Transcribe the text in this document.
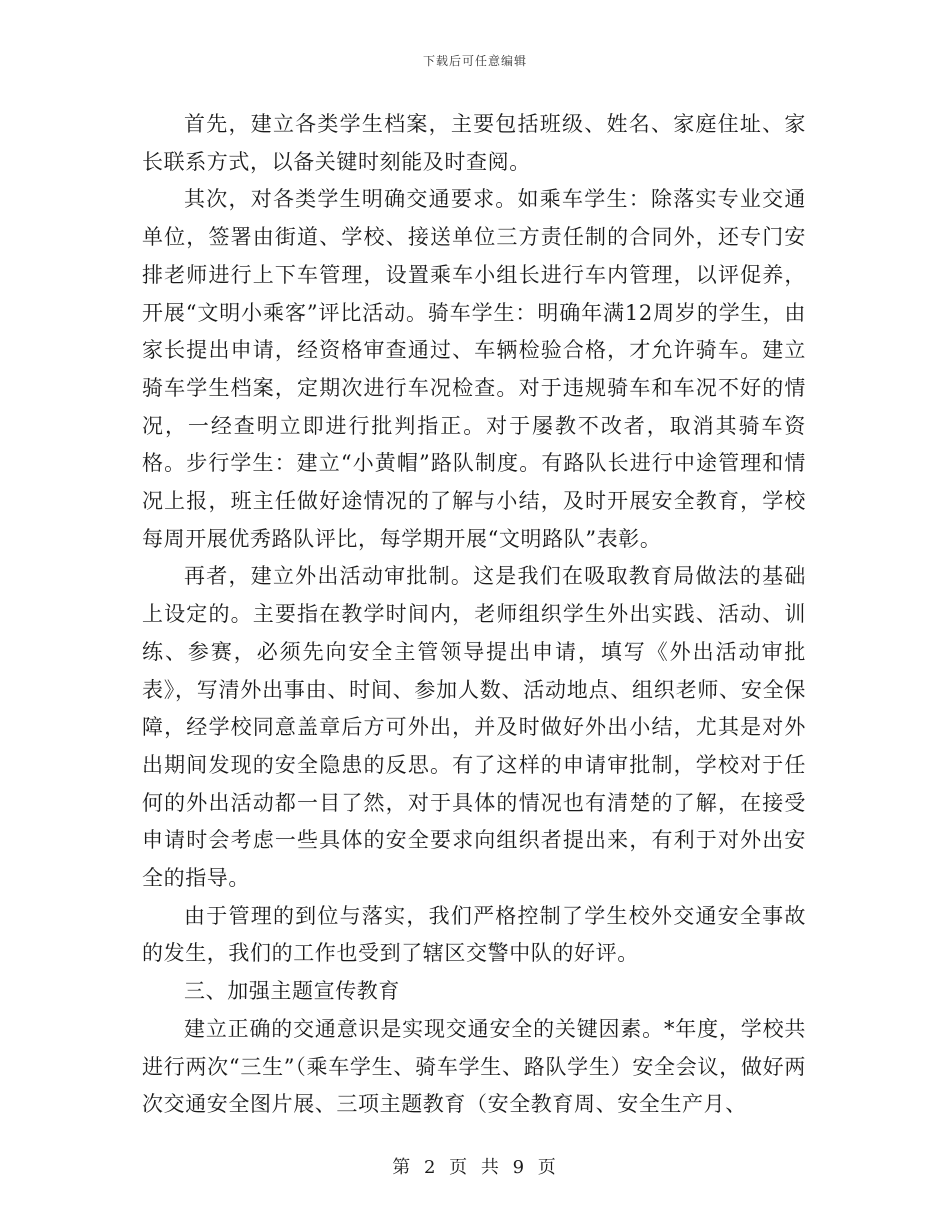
下载后可任意编辑

首先，建立各类学生档案，主要包括班级、姓名、家庭住址、家长联系方式，以备关键时刻能及时查阅。

其次，对各类学生明确交通要求。如乘车学生：除落实专业交通单位，签署由街道、学校、接送单位三方责任制的合同外，还专门安排老师进行上下车管理，设置乘车小组长进行车内管理，以评促养，开展“文明小乘客”评比活动。骑车学生：明确年满12周岁的学生，由家长提出申请，经资格审查通过、车辆检验合格，才允许骑车。建立骑车学生档案，定期次进行车况检查。对于违规骑车和车况不好的情况，一经查明立即进行批判指正。对于屡教不改者，取消其骑车资格。步行学生：建立“小黄帽”路队制度。有路队长进行中途管理和情况上报，班主任做好途情况的了解与小结，及时开展安全教育，学校每周开展优秀路队评比，每学期开展“文明路队”表彰。

再者，建立外出活动审批制。这是我们在吸取教育局做法的基础上设定的。主要指在教学时间内，老师组织学生外出实践、活动、训练、参赛，必须先向安全主管领导提出申请，填写《外出活动审批表》，写清外出事由、时间、参加人数、活动地点、组织老师、安全保障，经学校同意盖章后方可外出，并及时做好外出小结，尤其是对外出期间发现的安全隐患的反思。有了这样的申请审批制，学校对于任何的外出活动都一目了然，对于具体的情况也有清楚的了解，在接受申请时会考虑一些具体的安全要求向组织者提出来，有利于对外出安全的指导。

由于管理的到位与落实，我们严格控制了学生校外交通安全事故的发生，我们的工作也受到了辖区交警中队的好评。

三、加强主题宣传教育

建立正确的交通意识是实现交通安全的关键因素。*年度，学校共进行两次“三生”（乘车学生、骑车学生、路队学生）安全会议，做好两次交通安全图片展、三项主题教育（安全教育周、安全生产月、

第 2 页 共 9 页
